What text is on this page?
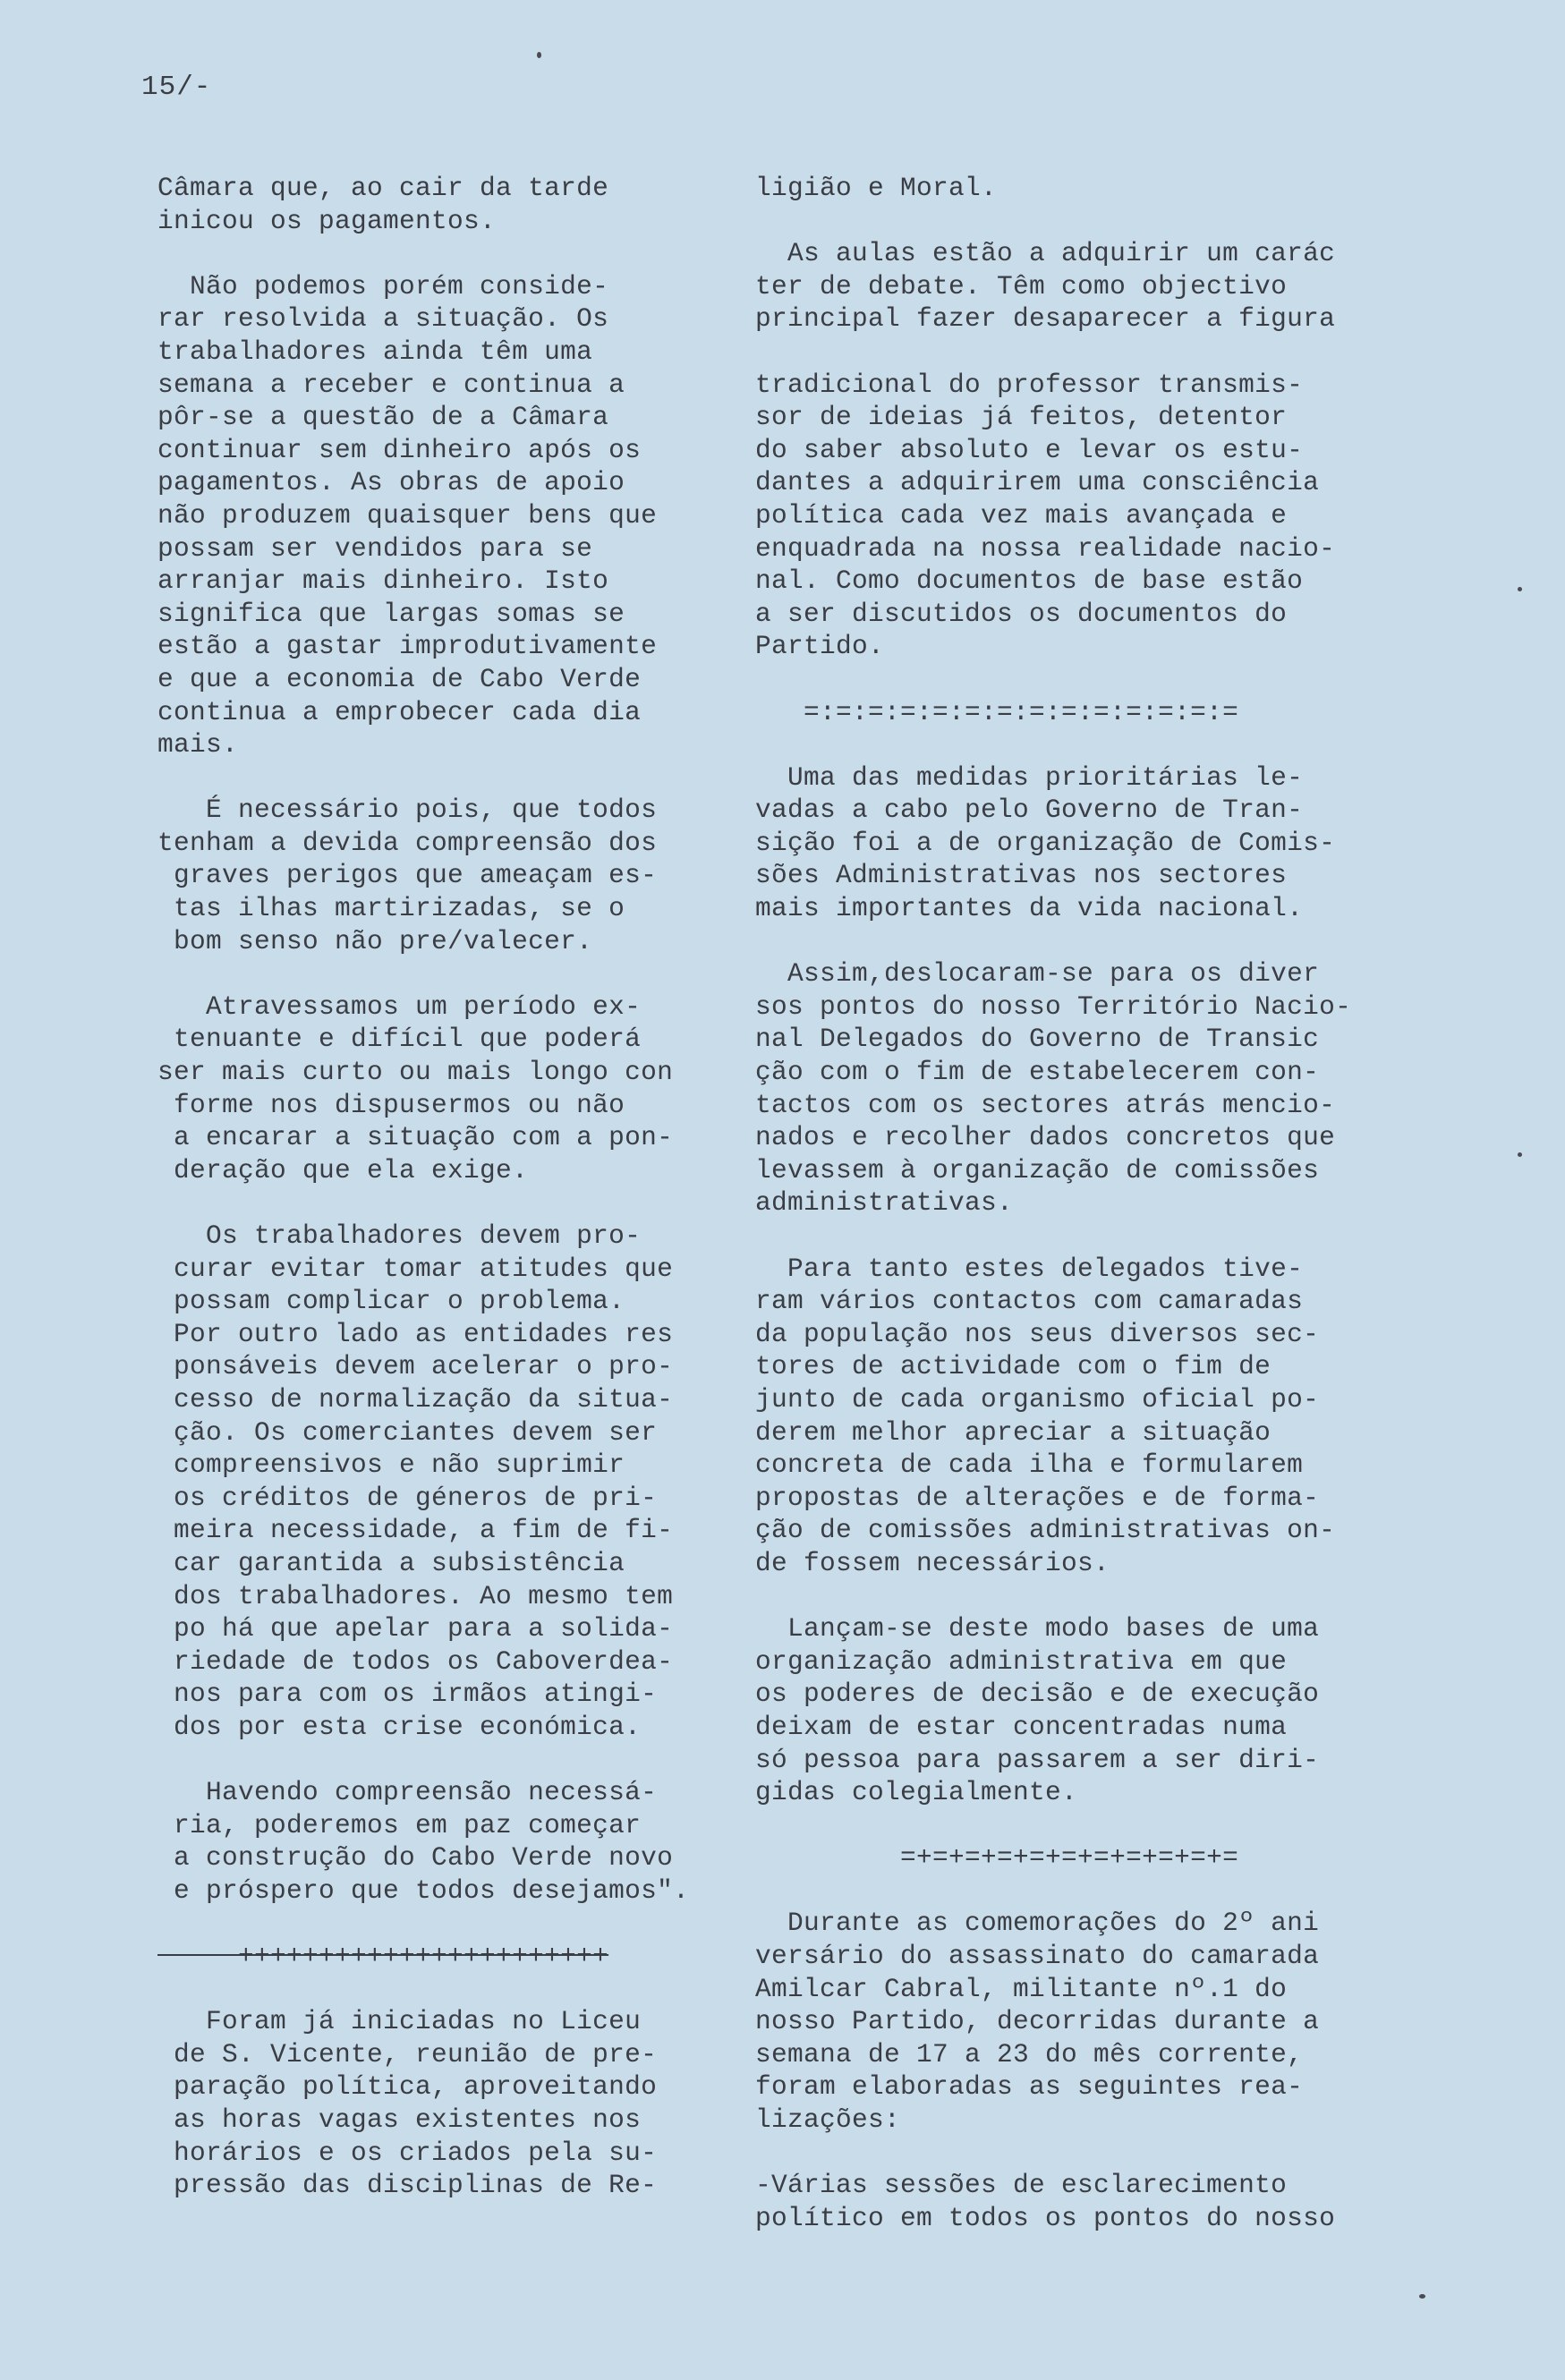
15/-
Câmara que, ao cair da tarde
inicou os pagamentos.
Não podemos porém conside-
rar resolvida a situação. Os
trabalhadores ainda têm uma
semana a receber e continua a
pôr-se a questão de a Câmara
continuar sem dinheiro após os
pagamentos. As obras de apoio
não produzem quaisquer bens que
possam ser vendidos para se
arranjar mais dinheiro. Isto
significa que largas somas se
estão a gastar improdutivamente
e que a economia de Cabo Verde
continua a emprobecer cada dia
mais.
É necessário pois, que todos
tenham a devida compreensão dos
graves perigos que ameaçam es-
tas ilhas martirizadas, se o
bom senso não pre/valecer.
Atravessamos um período ex-
tenuante e difícil que poderá
ser mais curto ou mais longo con
forme nos dispusermos ou não
a encarar a situação com a pon-
deração que ela exige.
Os trabalhadores devem pro-
curar evitar tomar atitudes que
possam complicar o problema.
Por outro lado as entidades res
ponsáveis devem acelerar o pro-
cesso de normalização da situa-
ção. Os comerciantes devem ser
compreensivos e não suprimir
os créditos de géneros de pri-
meira necessidade, a fim de fi-
car garantida a subsistência
dos trabalhadores. Ao mesmo tem
po há que apelar para a solida-
riedade de todos os Caboverdea-
nos para com os irmãos atingi-
dos por esta crise económica.
Havendo compreensão necessá-
ria, poderemos em paz começar
a construção do Cabo Verde novo
e próspero que todos desejamos".
+++++++++++++++++++++++
Foram já iniciadas no Liceu
de S. Vicente, reunião de pre-
paração política, aproveitando
as horas vagas existentes nos
horários e os criados pela su-
pressão das disciplinas de Re-
ligião e Moral.
As aulas estão a adquirir um carác
ter de debate. Têm como objectivo
principal fazer desaparecer a figura
tradicional do professor transmis-
sor de ideias já feitos, detentor
do saber absoluto e levar os estu-
dantes a adquirirem uma consciência
política cada vez mais avançada e
enquadrada na nossa realidade nacio-
nal. Como documentos de base estão
a ser discutidos os documentos do
Partido.
=:=:=:=:=:=:=:=:=:=:=:=:=:=
Uma das medidas prioritárias le-
vadas a cabo pelo Governo de Tran-
sição foi a de organização de Comis-
sões Administrativas nos sectores
mais importantes da vida nacional.
Assim,deslocaram-se para os diver
sos pontos do nosso Território Nacio-
nal Delegados do Governo de Transic
ção com o fim de estabelecerem con-
tactos com os sectores atrás mencio-
nados e recolher dados concretos que
levassem à organização de comissões
administrativas.
Para tanto estes delegados tive-
ram vários contactos com camaradas
da população nos seus diversos sec-
tores de actividade com o fim de
junto de cada organismo oficial po-
derem melhor apreciar a situação
concreta de cada ilha e formularem
propostas de alterações e de forma-
ção de comissões administrativas on-
de fossem necessários.
Lançam-se deste modo bases de uma
organização administrativa em que
os poderes de decisão e de execução
deixam de estar concentradas numa
só pessoa para passarem a ser diri-
gidas colegialmente.
=+=+=+=+=+=+=+=+=+=+=
Durante as comemorações do 2º ani
versário do assassinato do camarada
Amilcar Cabral, militante nº.1 do
nosso Partido, decorridas durante a
semana de 17 a 23 do mês corrente,
foram elaboradas as seguintes rea-
lizações:
-Várias sessões de esclarecimento
político em todos os pontos do nosso
